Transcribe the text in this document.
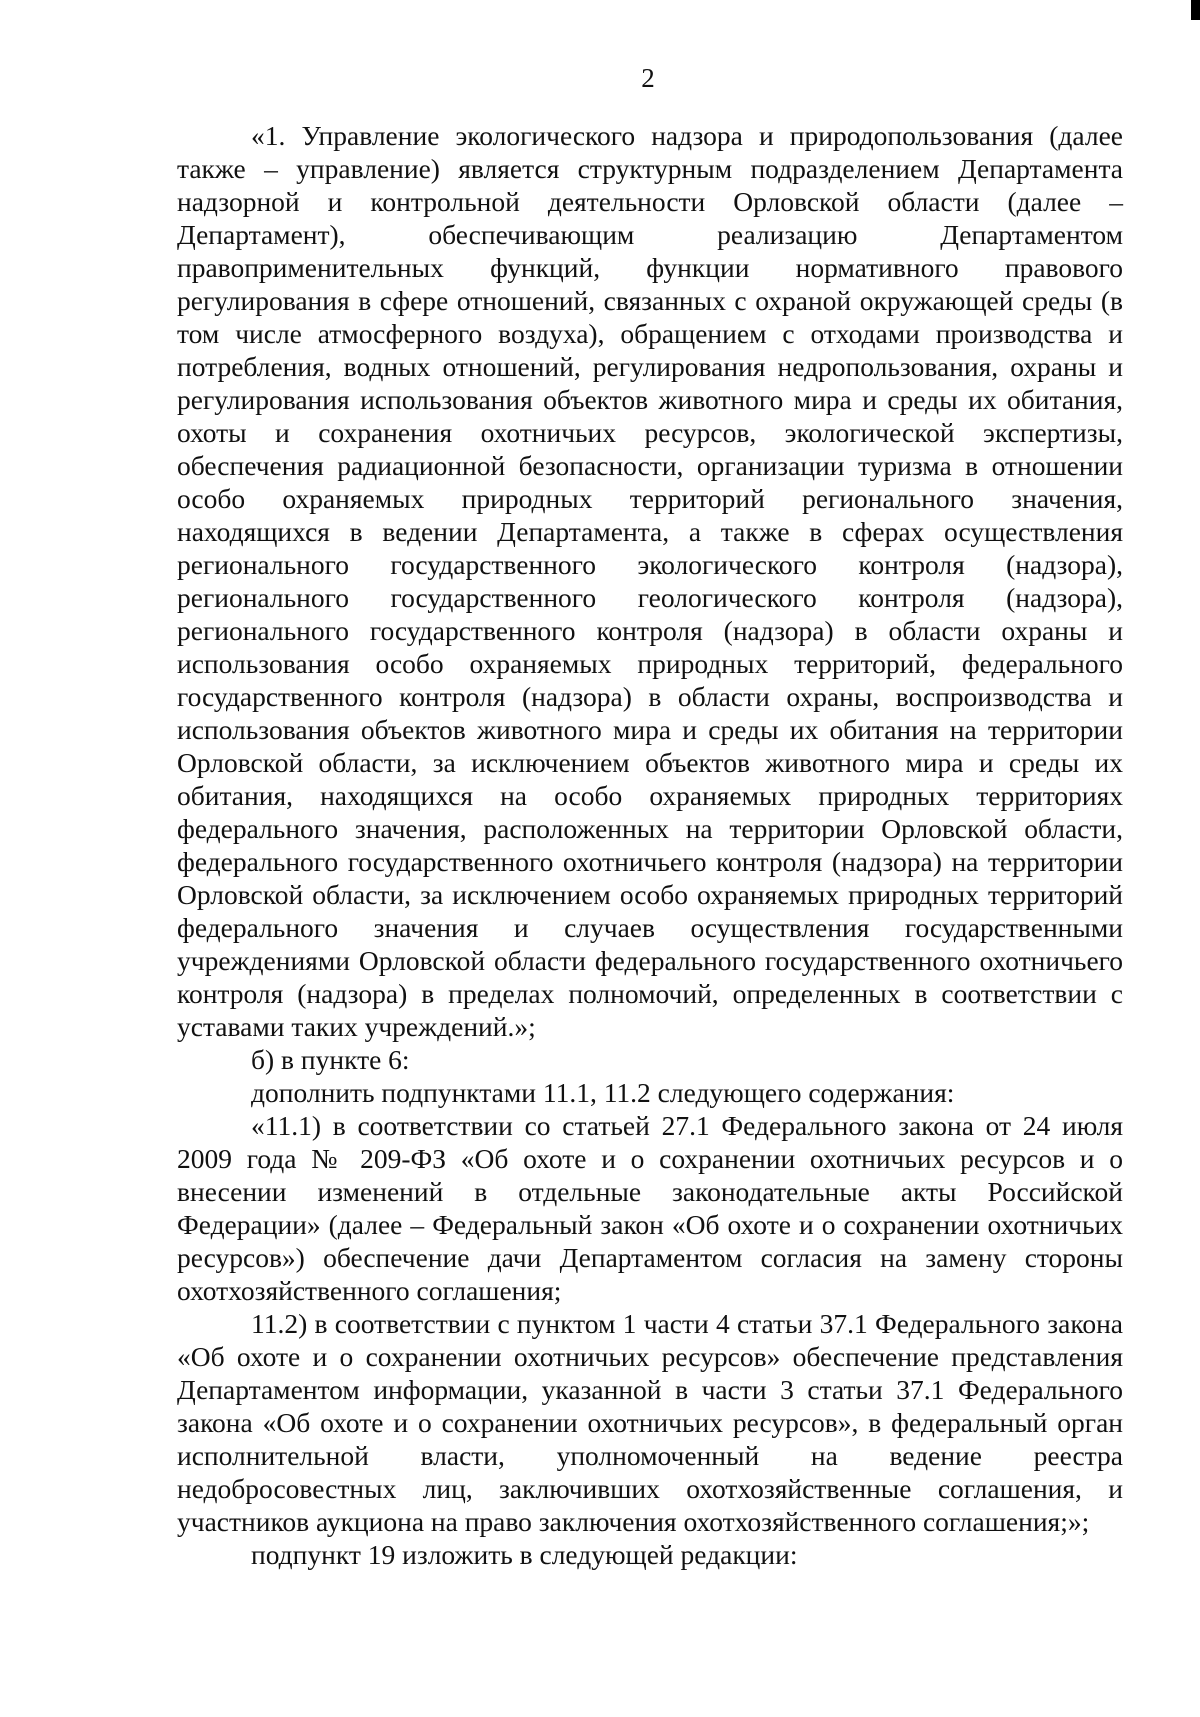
2

«1. Управление экологического надзора и природопользования (далее также – управление) является структурным подразделением Департамента надзорной и контрольной деятельности Орловской области (далее – Департамент), обеспечивающим реализацию Департаментом правоприменительных функций, функции нормативного правового регулирования в сфере отношений, связанных с охраной окружающей среды (в том числе атмосферного воздуха), обращением с отходами производства и потребления, водных отношений, регулирования недропользования, охраны и регулирования использования объектов животного мира и среды их обитания, охоты и сохранения охотничьих ресурсов, экологической экспертизы, обеспечения радиационной безопасности, организации туризма в отношении особо охраняемых природных территорий регионального значения, находящихся в ведении Департамента, а также в сферах осуществления регионального государственного экологического контроля (надзора), регионального государственного геологического контроля (надзора), регионального государственного контроля (надзора) в области охраны и использования особо охраняемых природных территорий, федерального государственного контроля (надзора) в области охраны, воспроизводства и использования объектов животного мира и среды их обитания на территории Орловской области, за исключением объектов животного мира и среды их обитания, находящихся на особо охраняемых природных территориях федерального значения, расположенных на территории Орловской области, федерального государственного охотничьего контроля (надзора) на территории Орловской области, за исключением особо охраняемых природных территорий федерального значения и случаев осуществления государственными учреждениями Орловской области федерального государственного охотничьего контроля (надзора) в пределах полномочий, определенных в соответствии с уставами таких учреждений.»;

б) в пункте 6:

дополнить подпунктами 11.1, 11.2 следующего содержания:

«11.1) в соответствии со статьей 27.1 Федерального закона от 24 июля 2009 года № 209-ФЗ «Об охоте и о сохранении охотничьих ресурсов и о внесении изменений в отдельные законодательные акты Российской Федерации» (далее – Федеральный закон «Об охоте и о сохранении охотничьих ресурсов») обеспечение дачи Департаментом согласия на замену стороны охотхозяйственного соглашения;

11.2) в соответствии с пунктом 1 части 4 статьи 37.1 Федерального закона «Об охоте и о сохранении охотничьих ресурсов» обеспечение представления Департаментом информации, указанной в части 3 статьи 37.1 Федерального закона «Об охоте и о сохранении охотничьих ресурсов», в федеральный орган исполнительной власти, уполномоченный на ведение реестра недобросовестных лиц, заключивших охотхозяйственные соглашения, и участников аукциона на право заключения охотхозяйственного соглашения;»;

подпункт 19 изложить в следующей редакции:
